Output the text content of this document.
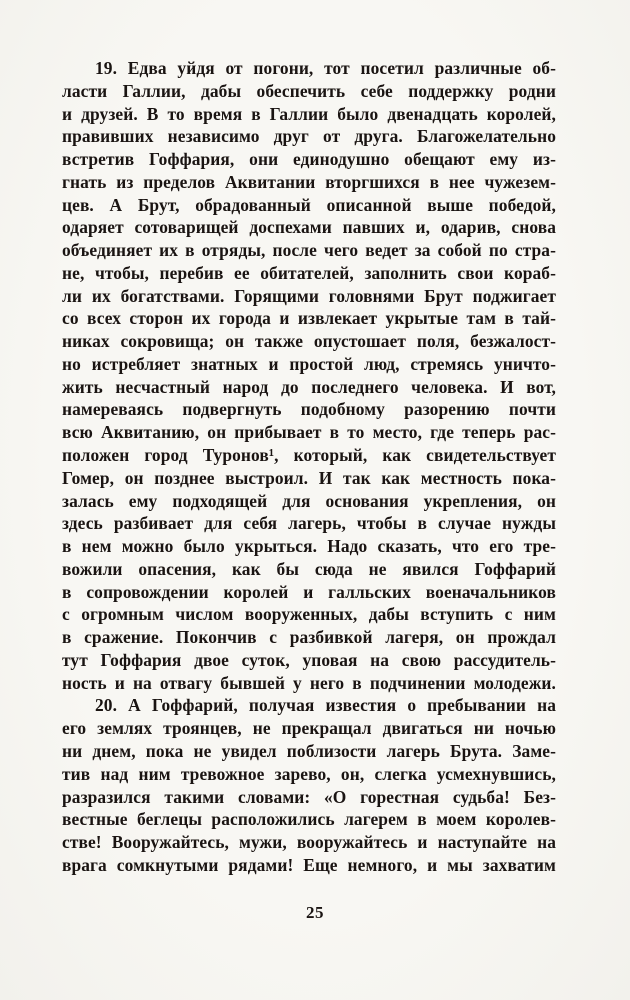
19. Едва уйдя от погони, тот посетил различные об-
ласти Галлии, дабы обеспечить себе поддержку родни
и друзей. В то время в Галлии было двенадцать королей,
правивших независимо друг от друга. Благожелательно
встретив Гоффария, они единодушно обещают ему из-
гнать из пределов Аквитании вторгшихся в нее чужезем-
цев. А Брут, обрадованный описанной выше победой,
одаряет сотоварищей доспехами павших и, одарив, снова
объединяет их в отряды, после чего ведет за собой по стра-
не, чтобы, перебив ее обитателей, заполнить свои кораб-
ли их богатствами. Горящими головнями Брут поджигает
со всех сторон их города и извлекает укрытые там в тай-
никах сокровища; он также опустошает поля, безжалост-
но истребляет знатных и простой люд, стремясь уничто-
жить несчастный народ до последнего человека. И вот,
намереваясь подвергнуть подобному разорению почти
всю Аквитанию, он прибывает в то место, где теперь рас-
положен город Туронов¹, который, как свидетельствует
Гомер, он позднее выстроил. И так как местность пока-
залась ему подходящей для основания укрепления, он
здесь разбивает для себя лагерь, чтобы в случае нужды
в нем можно было укрыться. Надо сказать, что его тре-
вожили опасения, как бы сюда не явился Гоффарий
в сопровождении королей и галльских военачальников
с огромным числом вооруженных, дабы вступить с ним
в сражение. Покончив с разбивкой лагеря, он прождал
тут Гоффария двое суток, уповая на свою рассудитель-
ность и на отвагу бывшей у него в подчинении молодежи.
20. А Гоффарий, получая известия о пребывании на
его землях троянцев, не прекращал двигаться ни ночью
ни днем, пока не увидел поблизости лагерь Брута. Заме-
тив над ним тревожное зарево, он, слегка усмехнувшись,
разразился такими словами: «О горестная судьба! Без-
вестные беглецы расположились лагерем в моем королев-
стве! Вооружайтесь, мужи, вооружайтесь и наступайте на
врага сомкнутыми рядами! Еще немного, и мы захватим
25
